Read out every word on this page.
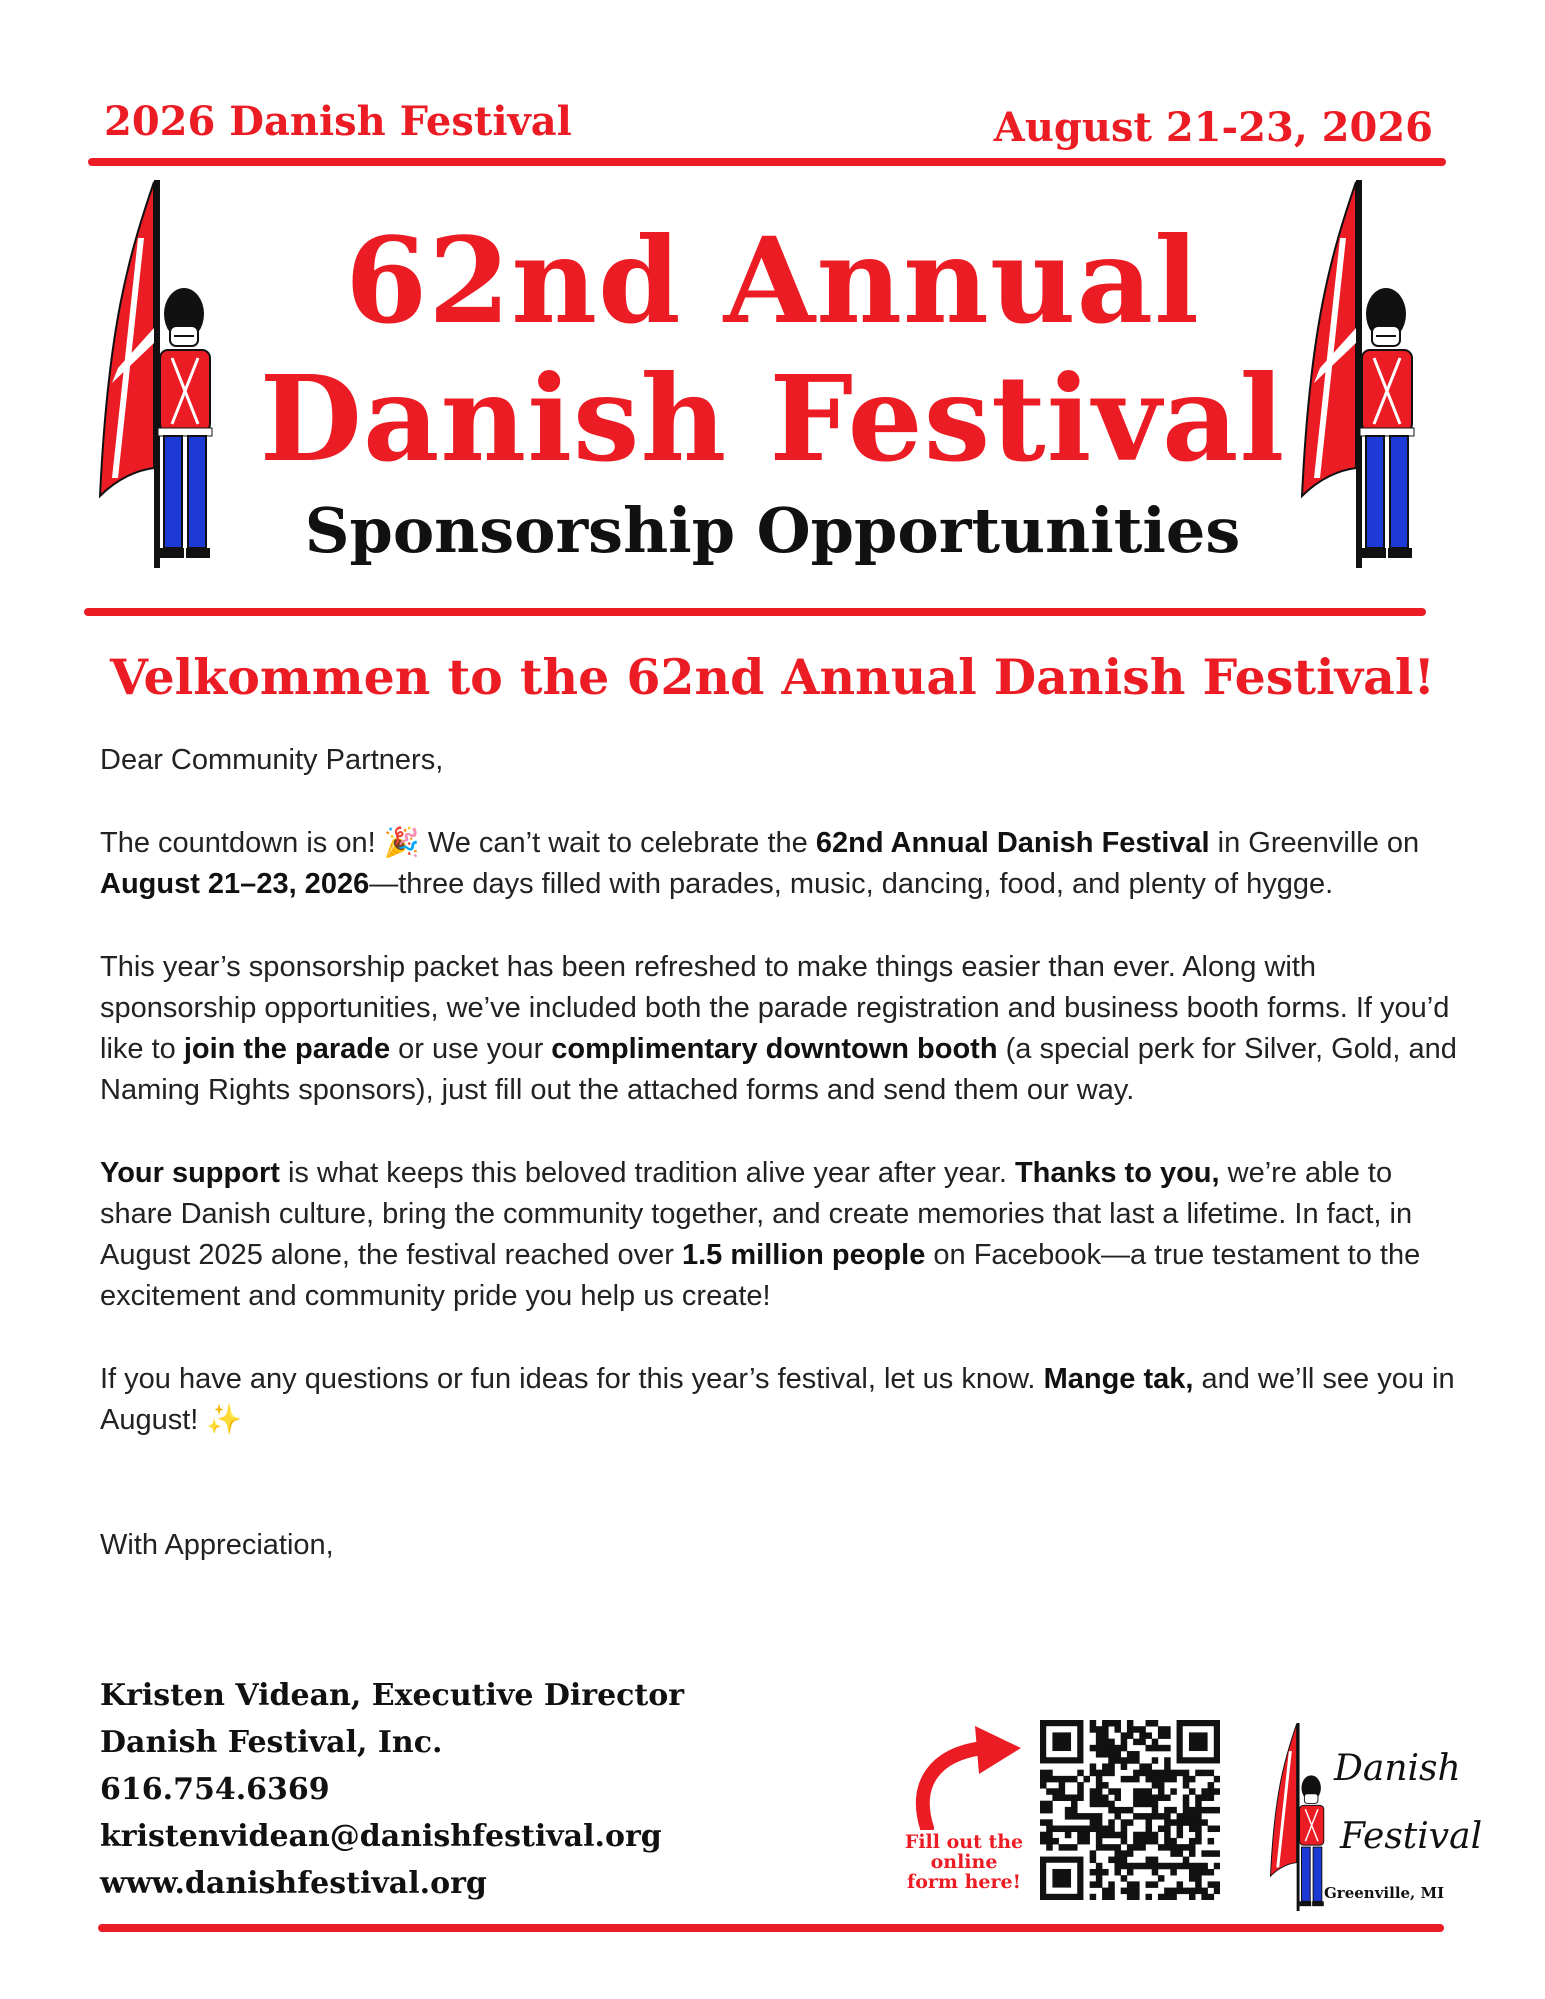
2026 Danish Festival	August 21-23, 2026
62nd Annual
Danish Festival
Sponsorship Opportunities
Velkommen to the 62nd Annual Danish Festival!

Dear Community Partners,

The countdown is on! 🎉 We can’t wait to celebrate the 62nd Annual Danish Festival in Greenville on August 21–23, 2026—three days filled with parades, music, dancing, food, and plenty of hygge.

This year’s sponsorship packet has been refreshed to make things easier than ever. Along with sponsorship opportunities, we’ve included both the parade registration and business booth forms. If you’d like to join the parade or use your complimentary downtown booth (a special perk for Silver, Gold, and Naming Rights sponsors), just fill out the attached forms and send them our way.

Your support is what keeps this beloved tradition alive year after year. Thanks to you, we’re able to share Danish culture, bring the community together, and create memories that last a lifetime. In fact, in August 2025 alone, the festival reached over 1.5 million people on Facebook—a true testament to the excitement and community pride you help us create!

If you have any questions or fun ideas for this year’s festival, let us know. Mange tak, and we’ll see you in August! ✨

With Appreciation,

Kristen Videan, Executive Director
Danish Festival, Inc.
616.754.6369
kristenvidean@danishfestival.org
www.danishfestival.org
Fill out the
online
form here!
Danish
Festival
Greenville, MI
